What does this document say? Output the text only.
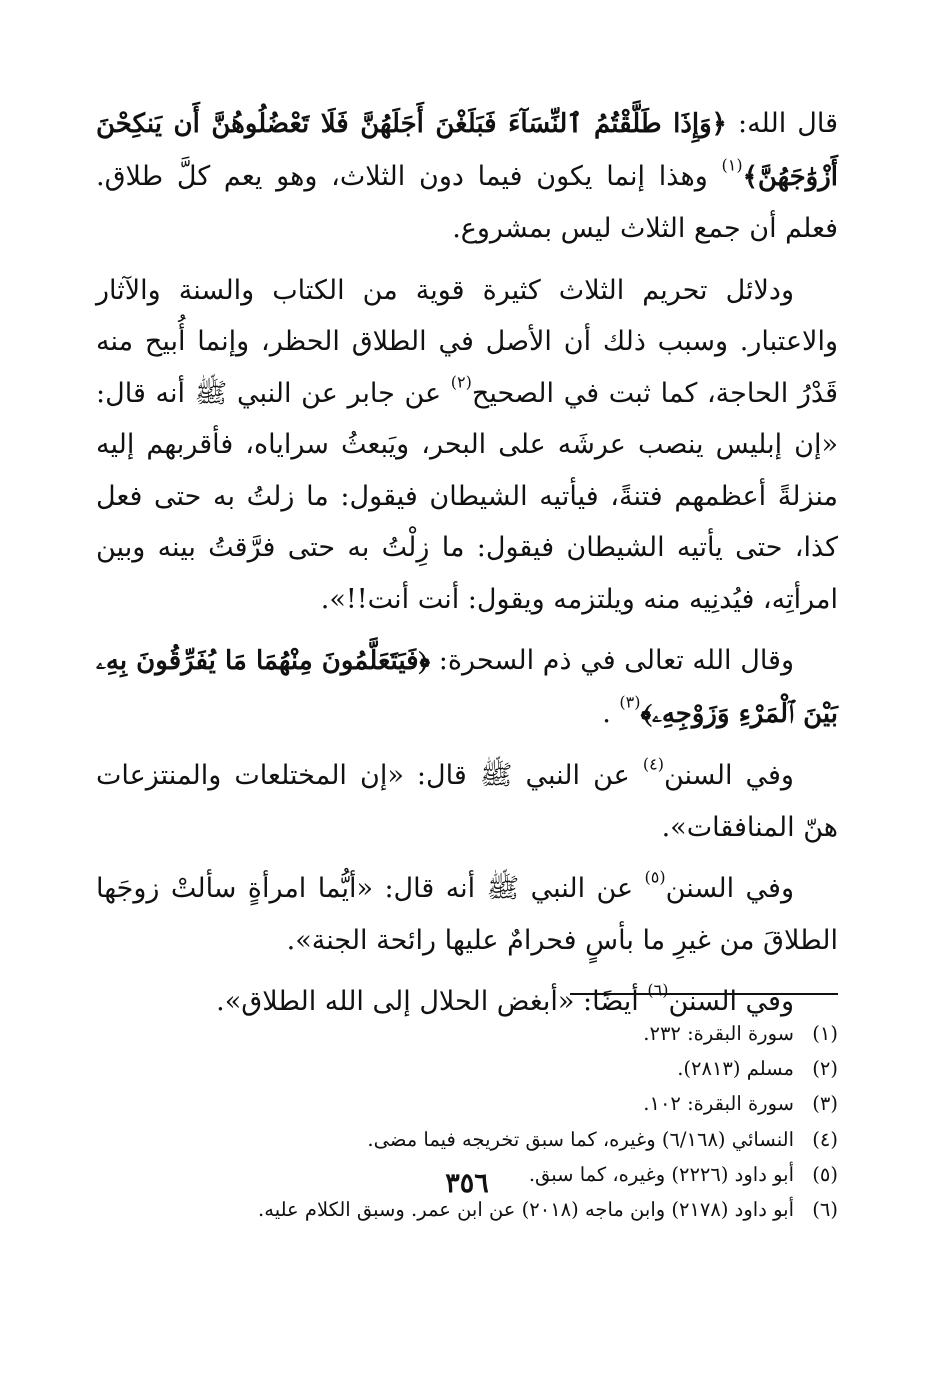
قال الله: ﴿وَإِذَا طَلَّقْتُمُ ٱلنِّسَآءَ فَبَلَغْنَ أَجَلَهُنَّ فَلَا تَعْضُلُوهُنَّ أَن يَنكِحْنَ أَزْوَٰجَهُنَّ﴾$^{(١)}$ وهذا إنما يكون فيما دون الثلاث، وهو يعم كلَّ طلاق. فعلم أن جمع الثلاث ليس بمشروع.

ودلائل تحريم الثلاث كثيرة قوية من الكتاب والسنة والآثار والاعتبار. وسبب ذلك أن الأصل في الطلاق الحظر، وإنما أُبيح منه قَدْرُ الحاجة، كما ثبت في الصحيح$^{(٢)}$ عن جابر عن النبي ﷺ أنه قال: «إن إبليس ينصب عرشَه على البحر، ويَبعثُ سراياه، فأقربهم إليه منزلةً أعظمهم فتنةً، فيأتيه الشيطان فيقول: ما زلتُ به حتى فعل كذا، حتى يأتيه الشيطان فيقول: ما زِلْتُ به حتى فرَّقتُ بينه وبين امرأتِه، فيُدنِيه منه ويلتزمه ويقول: أنت أنت!!».

وقال الله تعالى في ذم السحرة: ﴿فَيَتَعَلَّمُونَ مِنْهُمَا مَا يُفَرِّقُونَ بِهِۦ بَيْنَ ٱلْمَرْءِ وَزَوْجِهِۦ﴾$^{(٣)}$ .

وفي السنن$^{(٤)}$ عن النبي ﷺ قال: «إن المختلعات والمنتزعات هنّ المنافقات».

وفي السنن$^{(٥)}$ عن النبي ﷺ أنه قال: «أيُّما امرأةٍ سألتْ زوجَها الطلاقَ من غيرِ ما بأسٍ فحرامٌ عليها رائحة الجنة».

وفي السنن$^{(٦)}$ أيضًا: «أبغض الحلال إلى الله الطلاق».

(١)سورة البقرة: ٢٣٢.
(٢)مسلم (٢٨١٣).
(٣)سورة البقرة: ١٠٢.
(٤)النسائي (٦/١٦٨) وغيره، كما سبق تخريجه فيما مضى.
(٥)أبو داود (٢٢٢٦) وغيره، كما سبق.
(٦)أبو داود (٢١٧٨) وابن ماجه (٢٠١٨) عن ابن عمر. وسبق الكلام عليه.
٣٥٦
